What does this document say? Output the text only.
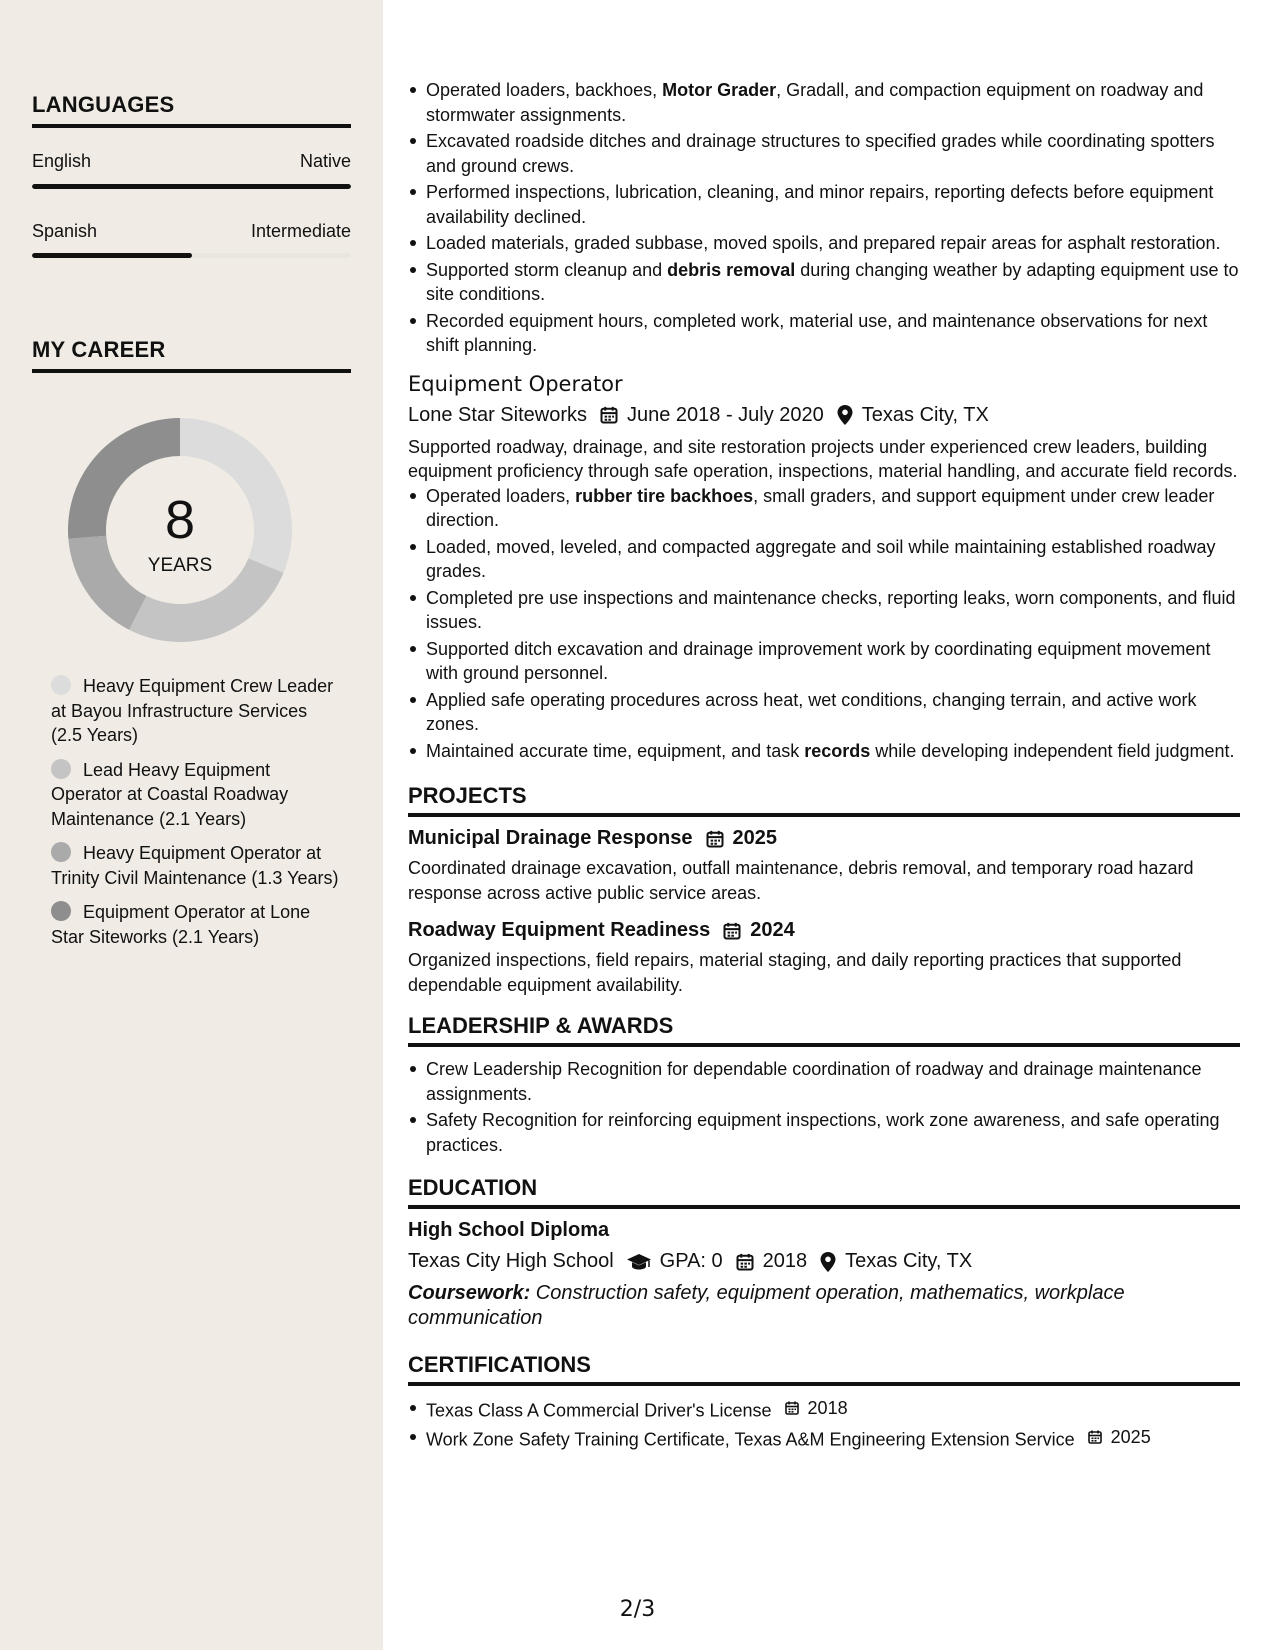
LANGUAGES
English	Native
Spanish	Intermediate
MY CAREER
8
YEARS
Heavy Equipment Crew Leader at Bayou Infrastructure Services (2.5 Years)
Lead Heavy Equipment Operator at Coastal Roadway Maintenance (2.1 Years)
Heavy Equipment Operator at Trinity Civil Maintenance (1.3 Years)
Equipment Operator at Lone Star Siteworks (2.1 Years)
Operated loaders, backhoes, Motor Grader, Gradall, and compaction equipment on roadway and stormwater assignments.
Excavated roadside ditches and drainage structures to specified grades while coordinating spotters and ground crews.
Performed inspections, lubrication, cleaning, and minor repairs, reporting defects before equipment availability declined.
Loaded materials, graded subbase, moved spoils, and prepared repair areas for asphalt restoration.
Supported storm cleanup and debris removal during changing weather by adapting equipment use to site conditions.
Recorded equipment hours, completed work, material use, and maintenance observations for next shift planning.
Equipment Operator
Lone Star Siteworks June 2018 - July 2020 Texas City, TX
Supported roadway, drainage, and site restoration projects under experienced crew leaders, building equipment proficiency through safe operation, inspections, material handling, and accurate field records.
Operated loaders, rubber tire backhoes, small graders, and support equipment under crew leader direction.
Loaded, moved, leveled, and compacted aggregate and soil while maintaining established roadway grades.
Completed pre use inspections and maintenance checks, reporting leaks, worn components, and fluid issues.
Supported ditch excavation and drainage improvement work by coordinating equipment movement with ground personnel.
Applied safe operating procedures across heat, wet conditions, changing terrain, and active work zones.
Maintained accurate time, equipment, and task records while developing independent field judgment.
PROJECTS
Municipal Drainage Response 2025
Coordinated drainage excavation, outfall maintenance, debris removal, and temporary road hazard response across active public service areas.
Roadway Equipment Readiness 2024
Organized inspections, field repairs, material staging, and daily reporting practices that supported dependable equipment availability.
LEADERSHIP & AWARDS
Crew Leadership Recognition for dependable coordination of roadway and drainage maintenance assignments.
Safety Recognition for reinforcing equipment inspections, work zone awareness, and safe operating practices.
EDUCATION
High School Diploma
Texas City High School GPA: 0 2018 Texas City, TX
Coursework: Construction safety, equipment operation, mathematics, workplace communication
CERTIFICATIONS
Texas Class A Commercial Driver's License 2018
Work Zone Safety Training Certificate, Texas A&M Engineering Extension Service 2025
2/3
